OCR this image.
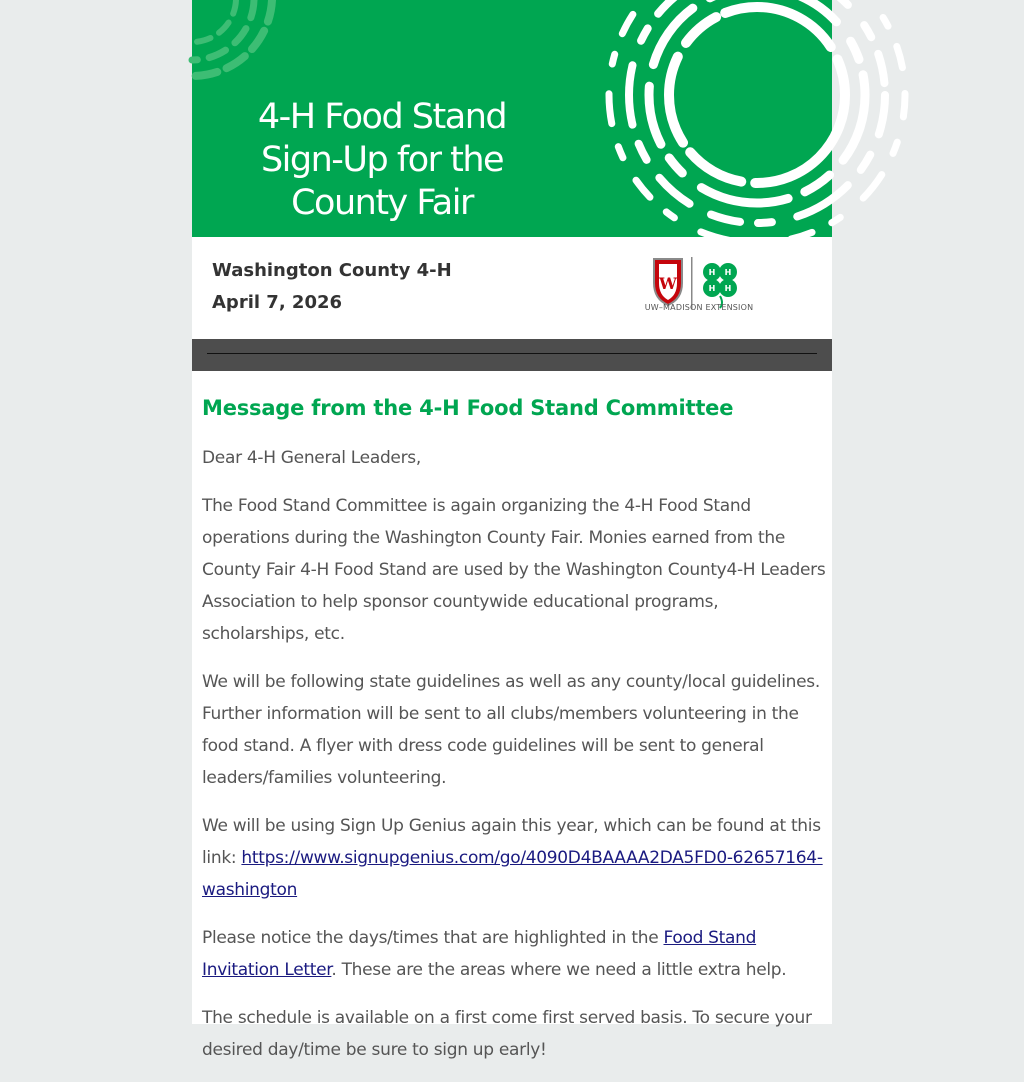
4-H Food Stand Sign-Up for the County Fair
Washington County 4-H
April 7, 2026
W
H H
H H
UW–MADISON EXTENSION
Message from the 4-H Food Stand Committee

Dear 4-H General Leaders,

The Food Stand Committee is again organizing the 4-H Food Stand operations during the Washington County Fair. Monies earned from the County Fair 4-H Food Stand are used by the Washington County4-H Leaders Association to help sponsor countywide educational programs, scholarships, etc.

We will be following state guidelines as well as any county/local guidelines. Further information will be sent to all clubs/members volunteering in the food stand. A flyer with dress code guidelines will be sent to general leaders/families volunteering.

We will be using Sign Up Genius again this year, which can be found at this link: https://www.signupgenius.com/go/4090D4BAAAA2DA5FD0-62657164-washington

Please notice the days/times that are highlighted in the Food Stand Invitation Letter. These are the areas where we need a little extra help.

The schedule is available on a first come first served basis. To secure your desired day/time be sure to sign up early!
